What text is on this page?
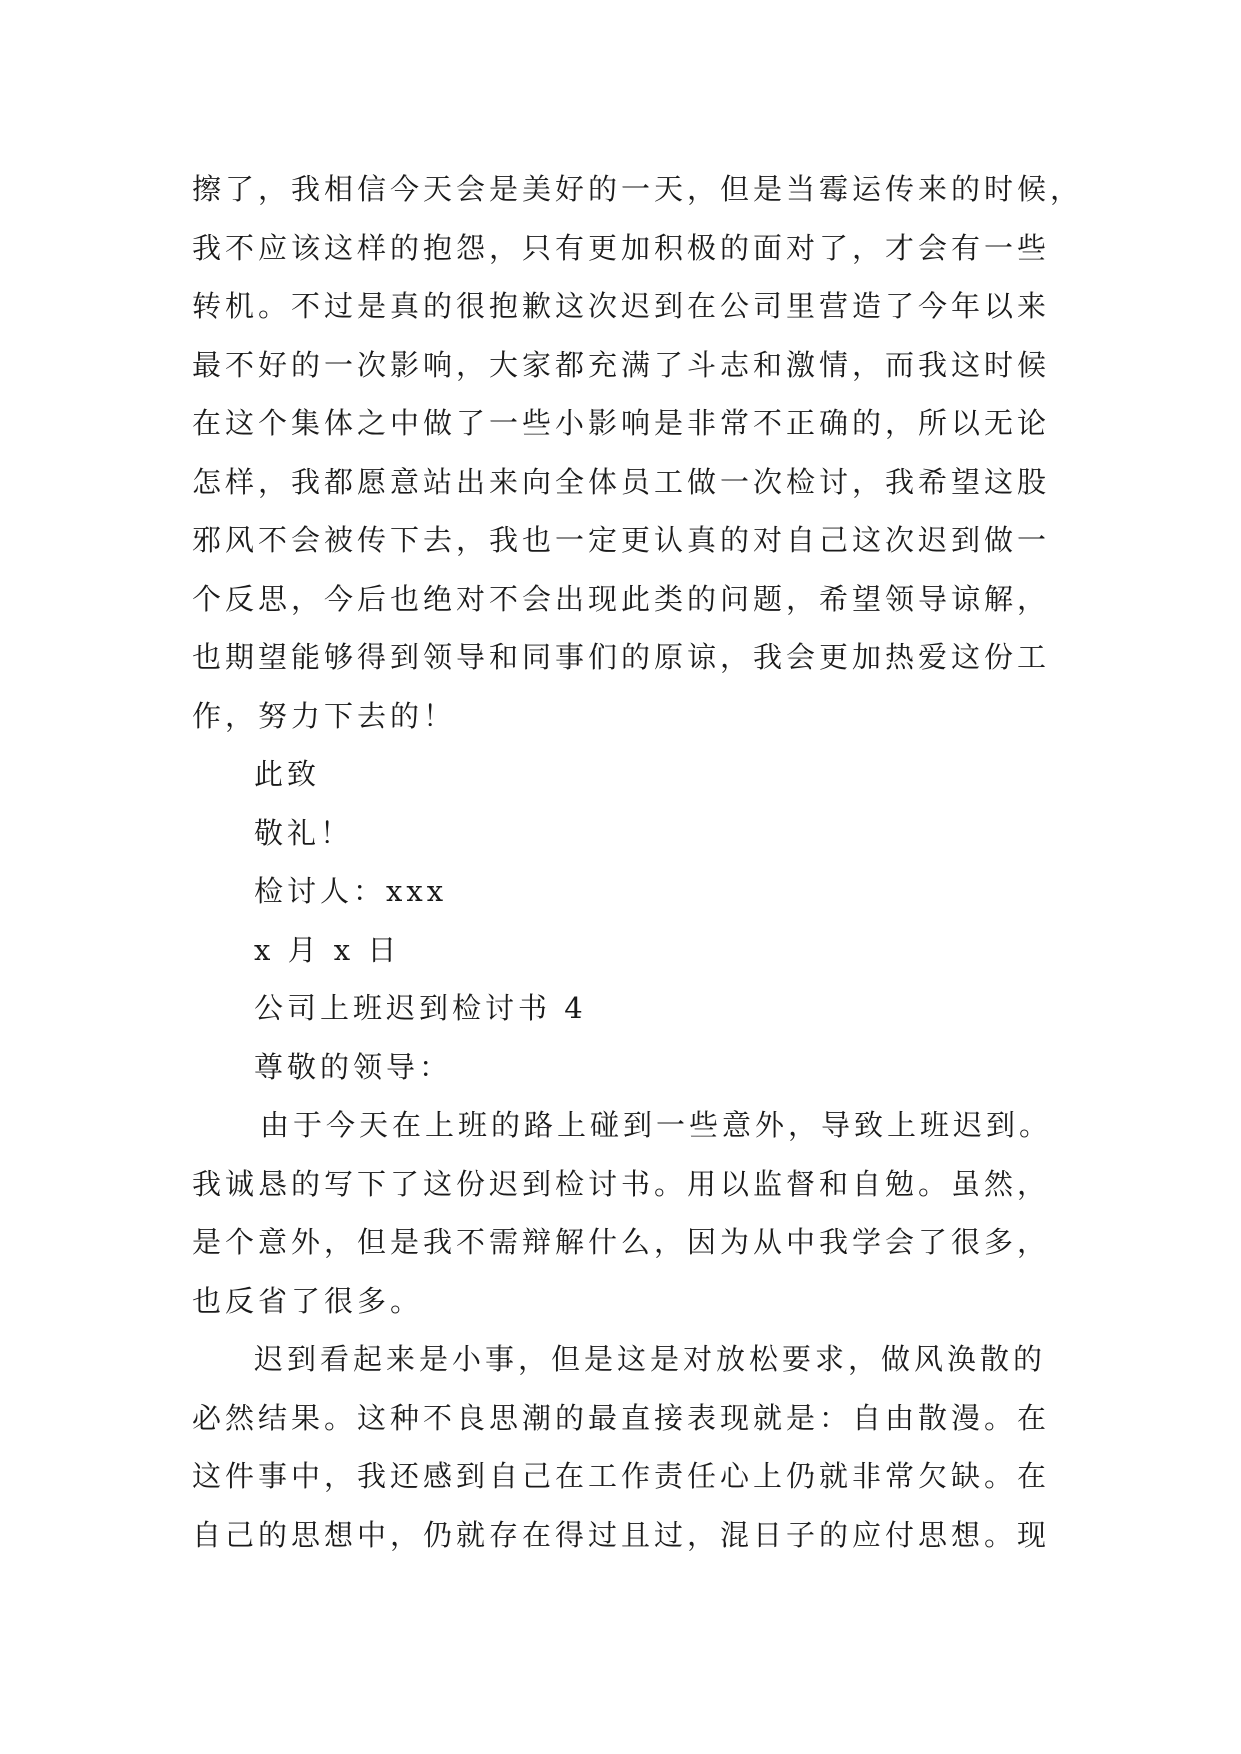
擦了，我相信今天会是美好的一天，但是当霉运传来的时候，
我不应该这样的抱怨，只有更加积极的面对了，才会有一些
转机。不过是真的很抱歉这次迟到在公司里营造了今年以来
最不好的一次影响，大家都充满了斗志和激情，而我这时候
在这个集体之中做了一些小影响是非常不正确的，所以无论
怎样，我都愿意站出来向全体员工做一次检讨，我希望这股
邪风不会被传下去，我也一定更认真的对自己这次迟到做一
个反思，今后也绝对不会出现此类的问题，希望领导谅解，
也期望能够得到领导和同事们的原谅，我会更加热爱这份工
作，努力下去的！
此致
敬礼！
检讨人：xxx
x 月 x 日
公司上班迟到检讨书 4
尊敬的领导：
由于今天在上班的路上碰到一些意外，导致上班迟到。
我诚恳的写下了这份迟到检讨书。用以监督和自勉。虽然，
是个意外，但是我不需辩解什么，因为从中我学会了很多，
也反省了很多。
迟到看起来是小事，但是这是对放松要求，做风涣散的
必然结果。这种不良思潮的最直接表现就是：自由散漫。在
这件事中，我还感到自己在工作责任心上仍就非常欠缺。在
自己的思想中，仍就存在得过且过，混日子的应付思想。现
